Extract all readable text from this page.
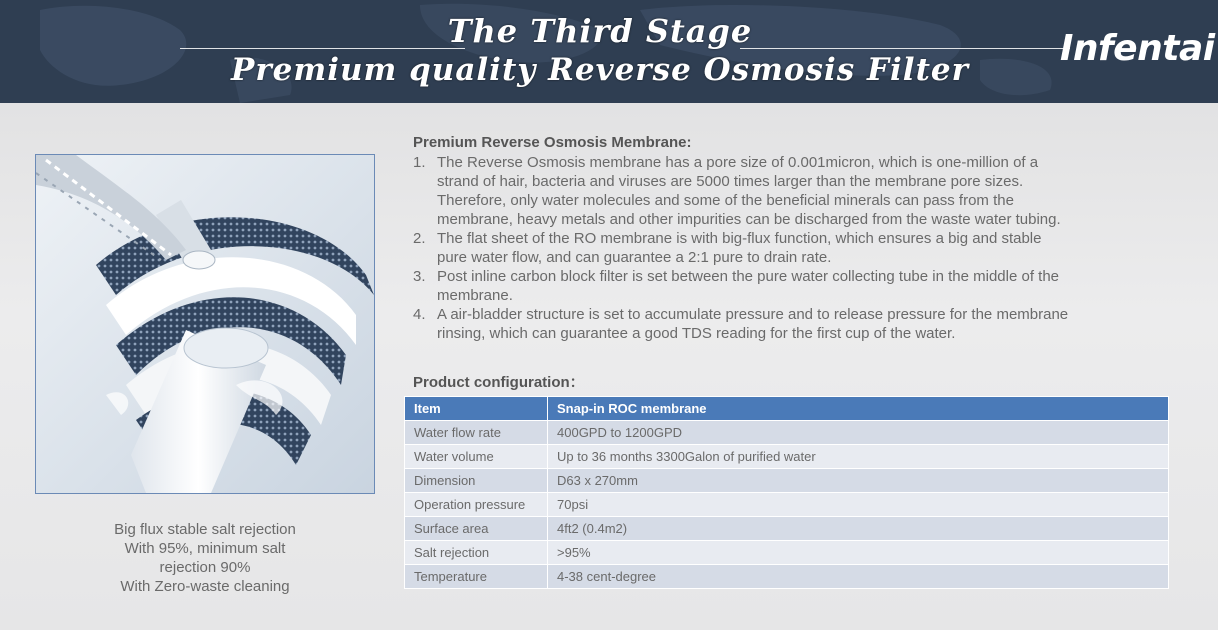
The Third Stage
Premium quality Reverse Osmosis Filter
Infentai
Big flux stable salt rejection
With 95%, minimum salt
rejection 90%
With Zero-waste cleaning
Premium Reverse Osmosis Membrane:
1. The Reverse Osmosis membrane has a pore size of 0.001micron, which is one-million of a
strand of hair, bacteria and viruses are 5000 times larger than the membrane pore sizes.
Therefore, only water molecules and some of the beneficial minerals can pass from the
membrane, heavy metals and other impurities can be discharged from the waste water tubing.
2. The flat sheet of the RO membrane is with big-flux function, which ensures a big and stable
pure water flow, and can guarantee a 2:1 pure to drain rate.
3. Post inline carbon block filter is set between the pure water collecting tube in the middle of the
membrane.
4. A air-bladder structure is set to accumulate pressure and to release pressure for the membrane
rinsing, which can guarantee a good TDS reading for the first cup of the water.
Product configuration：
Item	Snap-in ROC membrane
Water flow rate	400GPD to 1200GPD
Water volume	Up to 36 months 3300Galon of purified water
Dimension	D63 x 270mm
Operation pressure	70psi
Surface area	4ft2 (0.4m2)
Salt rejection	>95%
Temperature	4-38 cent-degree
